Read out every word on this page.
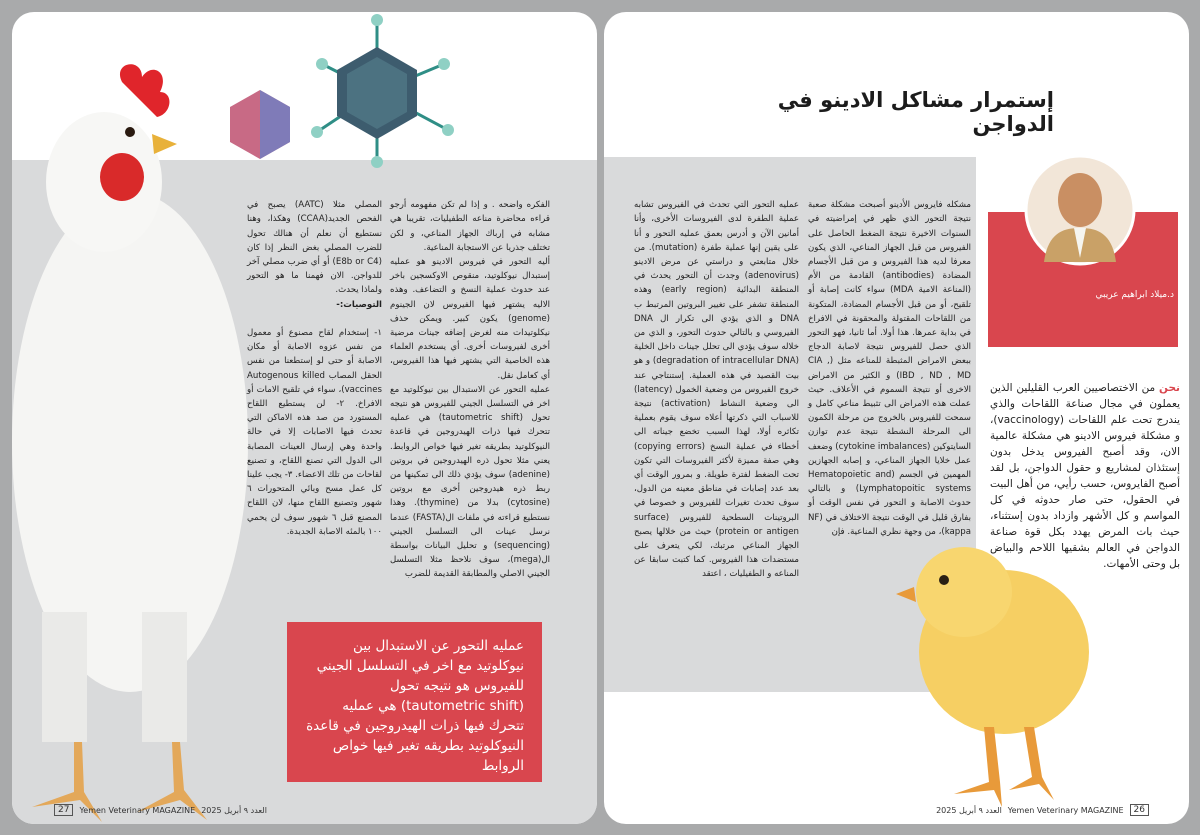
الفكره واضحه . و إذا لم تكن مفهومه أرجو قراءه محاضرة مناعه الطفيليات، تقريبا هي مشابه في إرباك الجهاز المناعي، و لكن تختلف جذريا عن الاستجابة المناعية.
أليه التحور في فيروس الادينو هو عمليه إستبدال نيوكلوتيد، منقوص الاوكسجين باخر عند حدوث عملية النسخ و التضاعف. وهذه الاليه يشتهر فيها الفيروس لان الجينوم (genome) يكون كبير. ويمكن حذف نيكلوتيدات منه لغرض إضافه جينات مرضية أخرى لفيروسات أخرى. أي يستخدم العلماء هذه الخاصية التي يشتهر فيها هذا الفيروس، أي كعامل نقل.
عمليه التحور عن الاستبدال بين نيوكلوتيد مع اخر في التسلسل الجيني للفيروس هو نتيجه تحول (tautometric shift) هي عمليه تتحرك فيها ذرات الهيدروجين في قاعدة النيوكلوتيد بطريقه تغير فيها خواص الروابط. يعني مثلا تحول ذره الهيدروجين في بروتين (adenine) سوف يؤدي ذلك الى تمكينها من ربط ذره هيدروجين أخرى مع بروتين (cytosine) بدلا من (thymine). وهذا نستطيع قراءته في ملفات ال(FASTA) عندما نرسل عينات الى التسلسل الجيني (sequencing) و تحليل البيانات بواسطة ال(mega)، سوف نلاحظ مثلا التسلسل الجيني الاصلي والمطابقة القديمة للضرب

المصلي مثلا (AATC) يصبح في الفحص الجديد(CCAA) وهكذا، وهنا نستطيع أن نعلم أن هنالك تحول للضرب المصلي بغض النظر إذا كان (E8b or C4) أو أي ضرب مصلي آخر للدواجن. الان فهمنا ما هو التحور ولماذا يحدث.

التوصيات:-

١- إستخدام لقاح مصنوع أو معمول من نفس عزوه الاصابة أو مكان الاصابة أو حتى لو إستطعنا من نفس الحقل المصاب Autogenous killed vaccines)، سواء في تلقيح الامات أو الافراخ. ٢- لن يستطيع اللقاح المستورد من صد هذه الاماكن التي تحدث فيها الاصابات إلا في حالة واحدة وهي إرسال العينات المصابة الى الدول التي تصنع اللقاح، و تصنيع لقاحات من تلك الاعضاء. ٣- يجب علينا كل عمل مسح وبائي المتحورات ٦ شهور وتصنيع اللقاح منها، لان اللقاح المصنع قبل ٦ شهور سوف لن يحمي ١٠٠ بالمئه الاصابة الجديدة.

عمليه التحور عن الاستبدال بين نيوكلوتيد مع اخر في التسلسل الجيني للفيروس هو نتيجه تحول (tautometric shift) هي عمليه تتحرك فيها ذرات الهيدروجين في قاعدة النيوكلوتيد بطريقه تغير فيها خواص الروابط
27	Yemen Veterinary MAGAZINE العدد ٩ أبريل 2025
إستمرار مشاكل الادينو في الدواجن
د.ميلاد ابراهيم عريبي
نحن من الاختصاصيين العرب القليلين الذين يعملون في مجال صناعة اللقاحات والذي يندرج تحت علم اللقاحات (vaccinology)، و مشكلة فيروس الادينو هي مشكلة عالمية الان، وقد أصبح الفيروس يدخل بدون إستئذان لمشاريع و حقول الدواجن، بل لقد أصبح الفايروس، حسب رأيي، من أهل البيت في الحقول، حتى صار حدوثه في كل المواسم و كل الأشهر وازداد بدون إستثناء، حيث بات المرض يهدد بكل قوة صناعة الدواجن في العالم بشقيها اللاحم والبياض بل وحتى الأمهات.

مشكله فايروس الأدينو أصبحت مشكلة صعبة نتيجة التحور الذي ظهر في إمراضيته في السنوات الاخيرة نتيجة الضغط الحاصل على الفيروس من قبل الجهاز المناعي، الذي يكون معرفا لديه هذا الفيروس و من قبل الأجسام المضادة (antibodies) القادمة من الأم (المناعة الامية MDA) سواء كانت إصابة أو تلقيح، أو من قبل الأجسام المضادة، المتكونة من اللقاحات المقتولة والمحقونة في الافراخ في بداية عمرها. هذا أولا. أما ثانيا، فهو التحور الذي حصل للفيروس نتيجة لاصابة الدجاج ببعض الامراض المثبطة للمناعه مثل (CIA , IBD , ND , MD) و الكثير من الامراض الاخرى أو نتيجة السموم في الأعلاف. حيث عملت هذه الامراض الى تثبيط مناعي كامل و سمحت للفيروس بالخروج من مرحلة الكمون الى المرحلة النشطة نتيجة عدم توازن السايتوكين (cytokine imbalances) وضعف عمل خلايا الجهاز المناعي، و إصابه الجهازين المهمين في الجسم (Hematopoietic and Lymphatopoitic systems) و بالتالي حدوث الاصابة و التحور في نفس الوقت أو بفارق قليل في الوقت نتيجة الاختلاف في (NF kappa)، من وجهة نظري المناعية. فإن

عمليه التحور التي تحدث في الفيروس تشابه عملية الطفرة لدى الفيروسات الأخرى، وأنا أمانين الآن و أدرس بعمق عمليه التحور و أنا على يقين إنها عملية طفرة (mutation). من خلال متابعتي و دراستي عن مرض الادينو (adenovirus) وجدت أن التحور يحدث في المنطقة البدائية (early region) وهذه المنطقة تشفر على تغيير البروتين المرتبط ب DNA و الذي يؤدي الى تكرار ال DNA الفيروسي و بالتالي حدوث التحور، و الذي من خلاله سوف يؤدي الى تحلل جينات داخل الخلية (degradation of intracellular DNA) و هو بيت القصيد في هذه العملية. إستنتاجي عند خروج الفيروس من وضعية الخمول (latency) الى وضعية النشاط (activation) نتيجة للاسباب التي ذكرتها أعلاه سوف يقوم بعملية تكاثره أولا، لهذا السبب تخضع جيناته الى أخطاء في عملية النسخ (copying errors) وهي صفة مميزة لأكثر الفيروسات التي تكون تحت الضغط لفترة طويلة. و بمرور الوقت أي بعد عدد إصابات في مناطق معينه من الدول، سوف تحدث تغيرات للفيروس و خصوصا في البروتينات السطحية للفيروس (surface protein or antigen) حيث من خلالها يصبح الجهاز المناعي مرتبك، لكي يتعرف على مستضدات هذا الفيروس. كما كتبت سابقا عن المناعه و الطفيليات ، اعتقد

العدد ٩ أبريل 2025 Yemen Veterinary MAGAZINE	26
